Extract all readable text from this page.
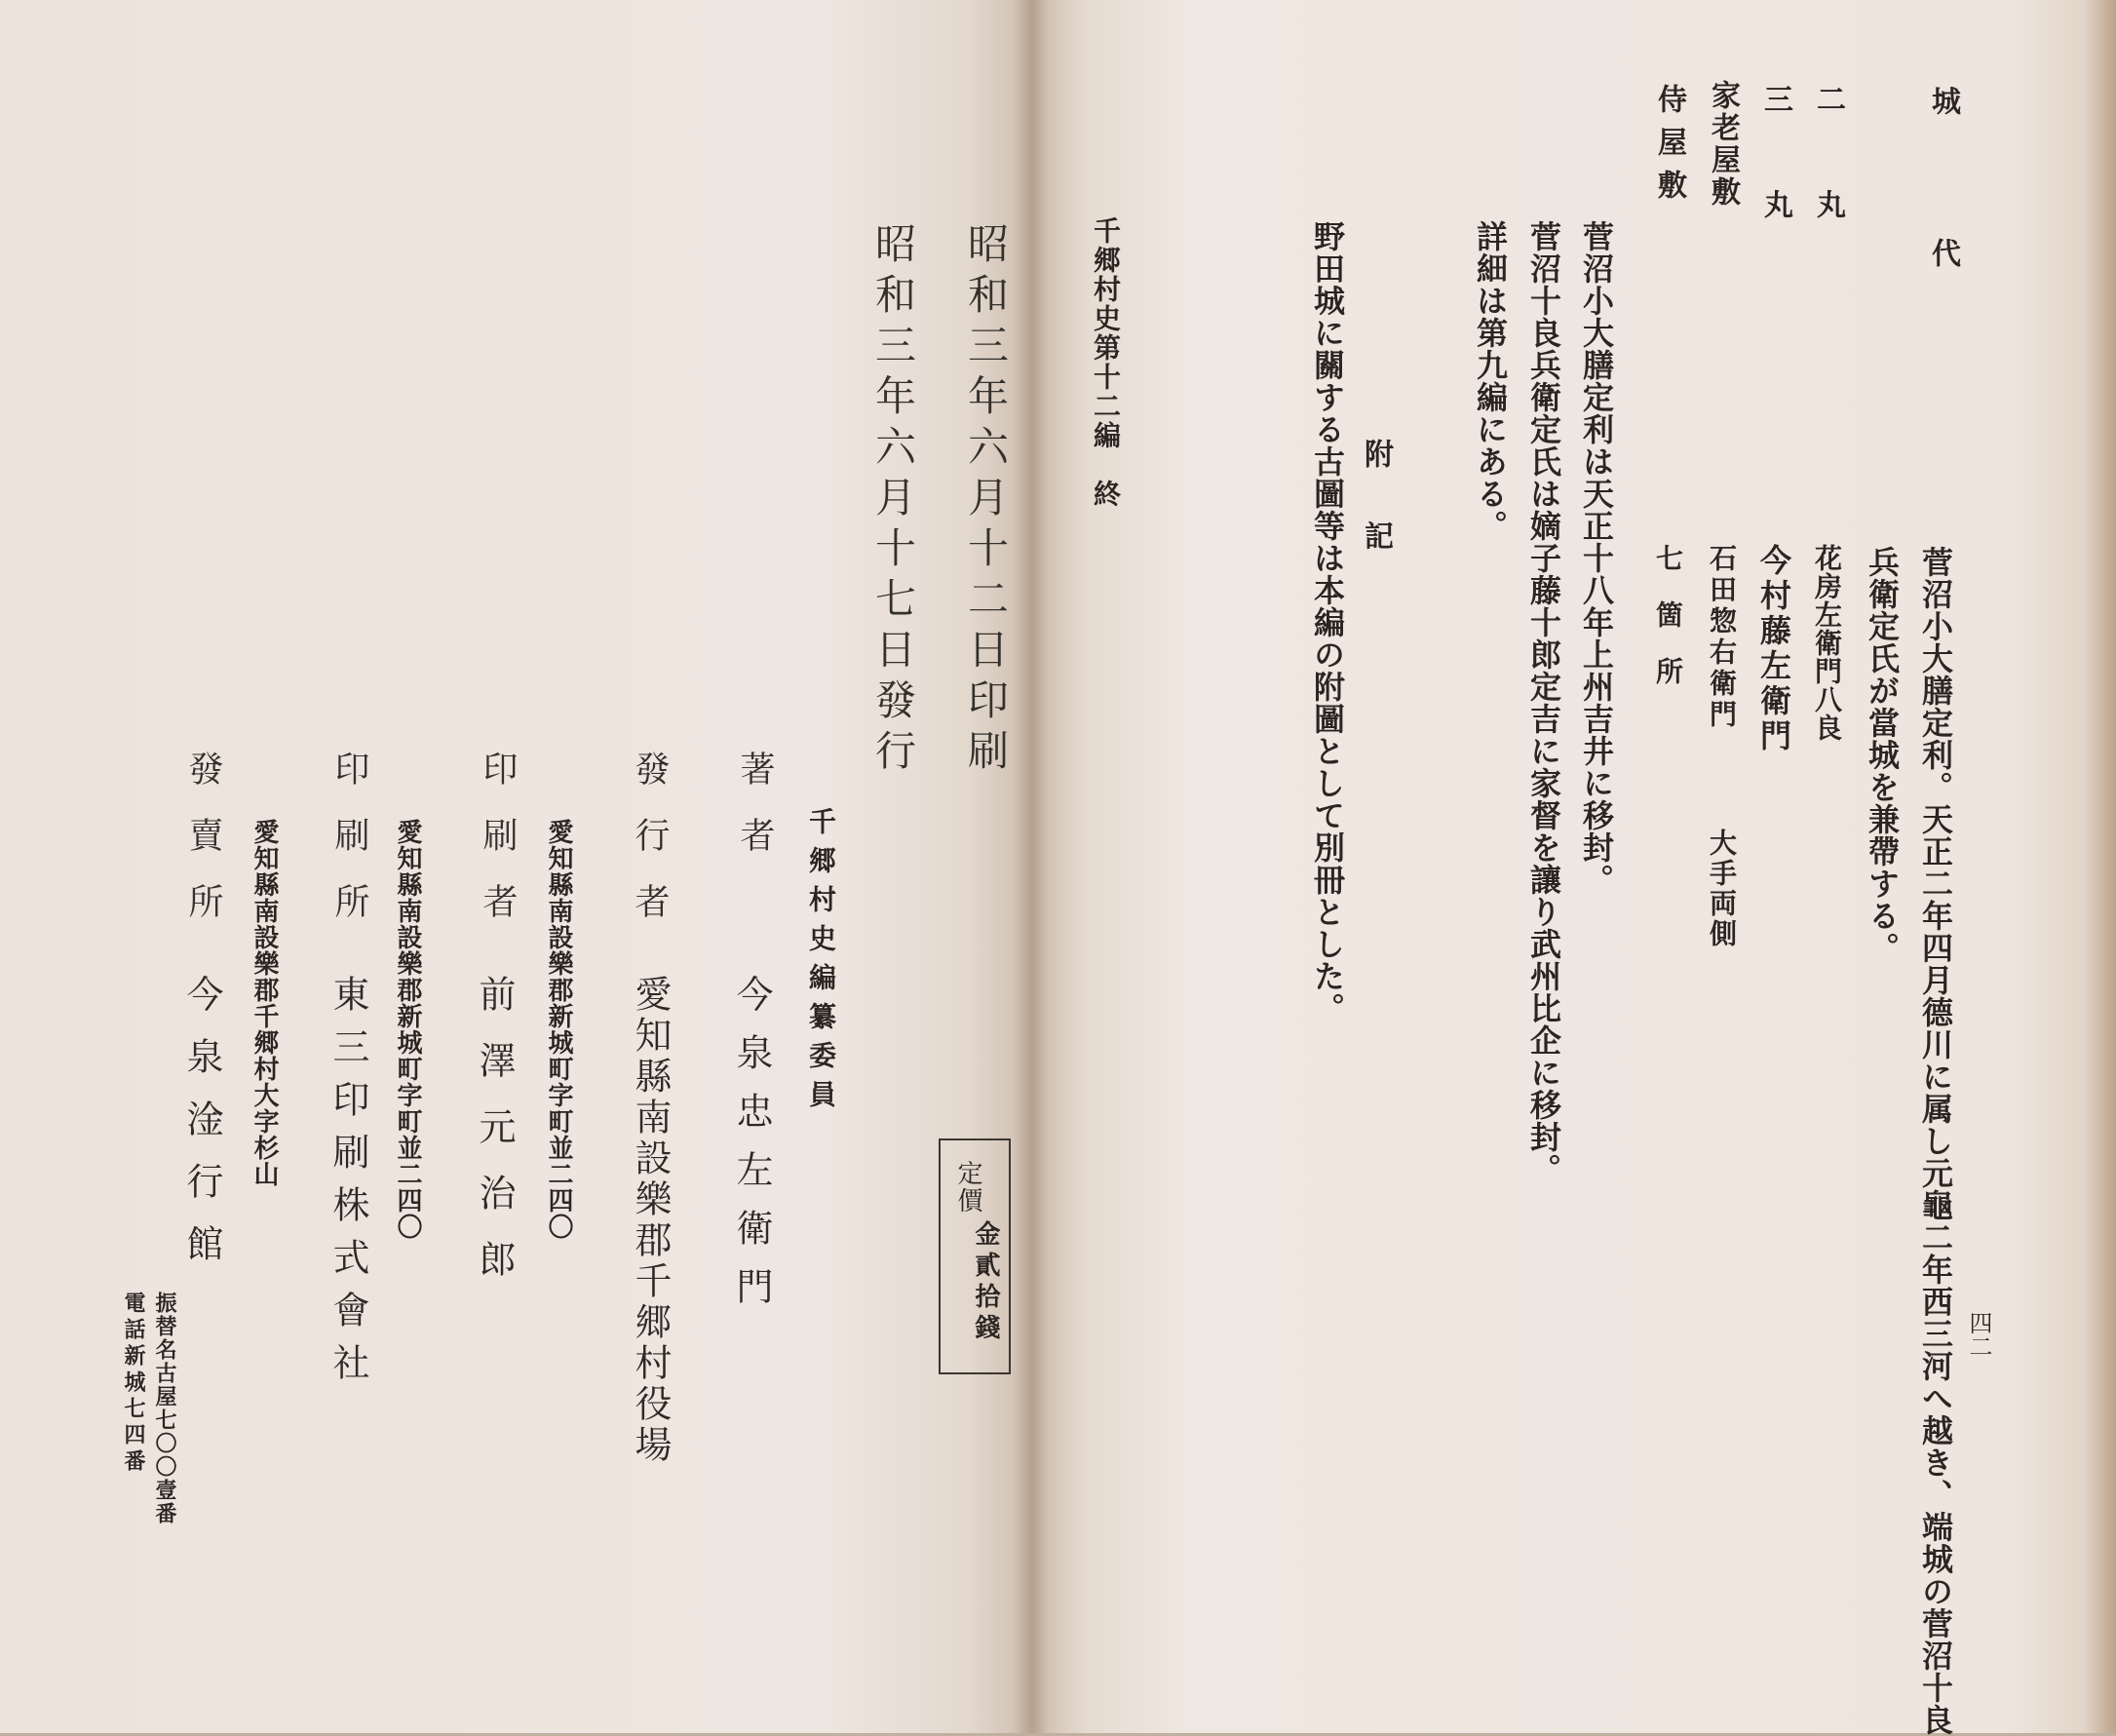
四二
城　　代
菅沼小大膳定利。天正二年四月德川に属し元龜二年西三河へ越き、端城の菅沼十良
兵衛定氏が當城を兼帶する。
二　　丸
花房左衛門八良
三　　丸
今村藤左衛門
家老屋敷
石田惣右衛門
大手両側
侍屋敷
七　箇　所
菅沼小大膳定利は天正十八年上州吉井に移封。
菅沼十良兵衛定氏は嫡子藤十郎定吉に家督を讓り武州比企に移封。
詳細は第九編にある。
附　記
野田城に關する古圖等は本編の附圖として別冊とした。
千郷村史第十二編　終
昭和三年六月十二日印刷
昭和三年六月十七日發行
定價
金貳拾錢
千郷村史編纂委員
著者
今泉忠左衛門
發行者
愛知縣南設樂郡千郷村役場
愛知縣南設樂郡新城町字町並二四〇
印刷者
前澤元治郎
愛知縣南設樂郡新城町字町並二四〇
印刷所
東三印刷株式會社
愛知縣南設樂郡千郷村大字杉山
發賣所
今泉淦行館
振替名古屋七〇〇壹番
電話新城七四番
